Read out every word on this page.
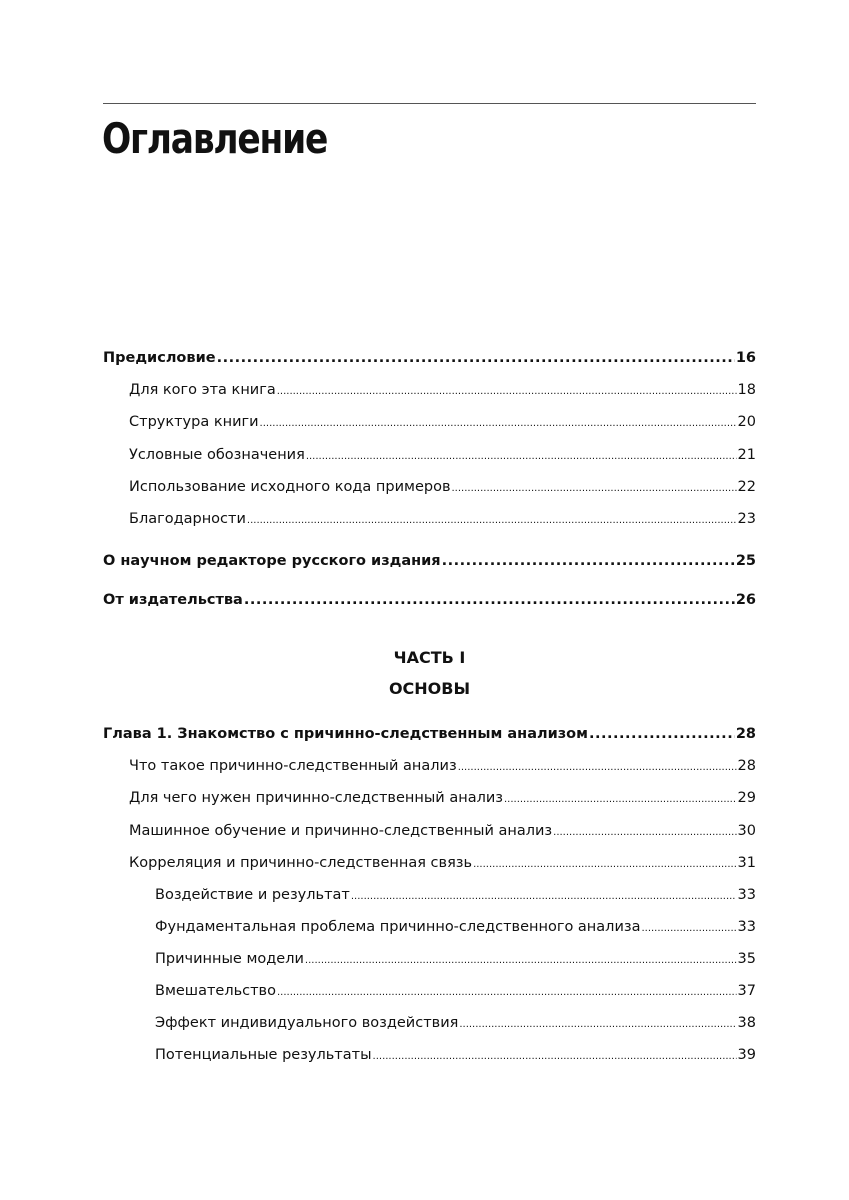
Оглавление
Предисловие .....	16
Для кого эта книга .....	18
Структура книги .....	20
Условные обозначения .....	21
Использование исходного кода примеров .....	22
Благодарности .....	23
О научном редакторе русского издания .....	25
От издательства .....	26
ЧАСТЬ I
ОСНОВЫ
Глава 1. Знакомство с причинно-следственным анализом .....	28
Что такое причинно-следственный анализ .....	28
Для чего нужен причинно-следственный анализ .....	29
Машинное обучение и причинно-следственный анализ .....	30
Корреляция и причинно-следственная связь .....	31
Воздействие и результат .....	33
Фундаментальная проблема причинно-следственного анализа .....	33
Причинные модели .....	35
Вмешательство .....	37
Эффект индивидуального воздействия .....	38
Потенциальные результаты .....	39
